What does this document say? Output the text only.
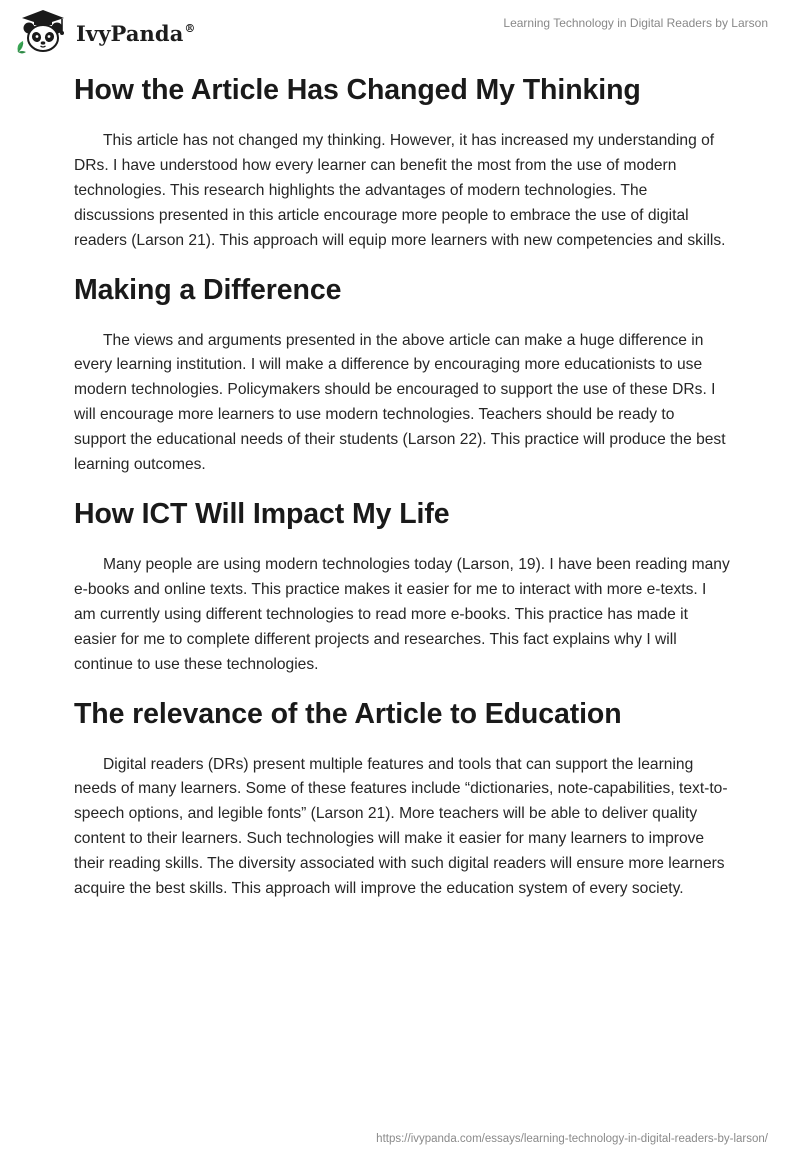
IvyPanda®	Learning Technology in Digital Readers by Larson
How the Article Has Changed My Thinking

This article has not changed my thinking. However, it has increased my understanding of DRs. I have understood how every learner can benefit the most from the use of modern technologies. This research highlights the advantages of modern technologies. The discussions presented in this article encourage more people to embrace the use of digital readers (Larson 21). This approach will equip more learners with new competencies and skills.

Making a Difference

The views and arguments presented in the above article can make a huge difference in every learning institution. I will make a difference by encouraging more educationists to use modern technologies. Policymakers should be encouraged to support the use of these DRs. I will encourage more learners to use modern technologies. Teachers should be ready to support the educational needs of their students (Larson 22). This practice will produce the best learning outcomes.

How ICT Will Impact My Life

Many people are using modern technologies today (Larson, 19). I have been reading many e-books and online texts. This practice makes it easier for me to interact with more e-texts. I am currently using different technologies to read more e-books. This practice has made it easier for me to complete different projects and researches. This fact explains why I will continue to use these technologies.

The relevance of the Article to Education

Digital readers (DRs) present multiple features and tools that can support the learning needs of many learners. Some of these features include “dictionaries, note-capabilities, text-to-speech options, and legible fonts” (Larson 21). More teachers will be able to deliver quality content to their learners. Such technologies will make it easier for many learners to improve their reading skills. The diversity associated with such digital readers will ensure more learners acquire the best skills. This approach will improve the education system of every society.

https://ivypanda.com/essays/learning-technology-in-digital-readers-by-larson/
